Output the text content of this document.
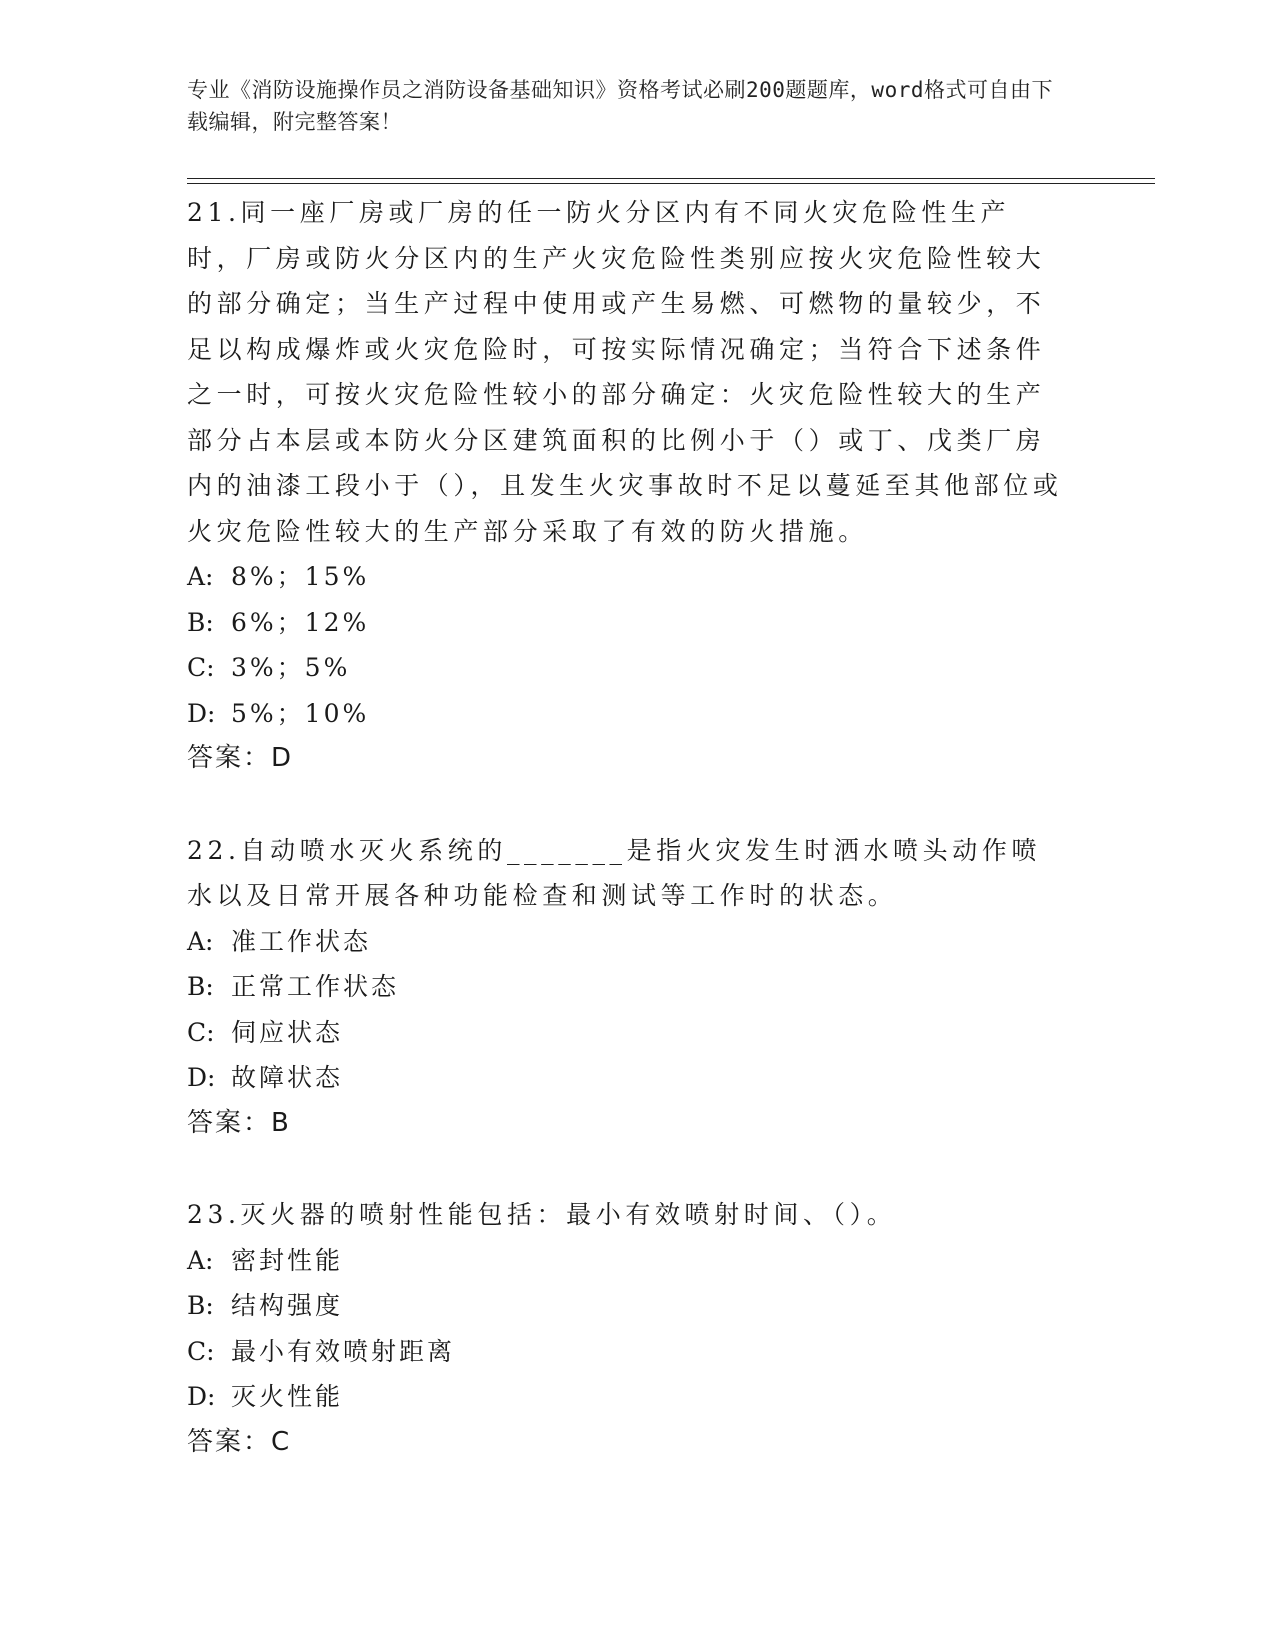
专业《消防设施操作员之消防设备基础知识》资格考试必刷200题题库，word格式可自由下载编辑，附完整答案！

21.同一座厂房或厂房的任一防火分区内有不同火灾危险性生产时，厂房或防火分区内的生产火灾危险性类别应按火灾危险性较大的部分确定；当生产过程中使用或产生易燃、可燃物的量较少，不足以构成爆炸或火灾危险时，可按实际情况确定；当符合下述条件之一时，可按火灾危险性较小的部分确定：火灾危险性较大的生产部分占本层或本防火分区建筑面积的比例小于（）或丁、戊类厂房内的油漆工段小于（），且发生火灾事故时不足以蔓延至其他部位或火灾危险性较大的生产部分采取了有效的防火措施。

A: 8%；15%

B: 6%；12%

C: 3%；5%

D: 5%；10%

答案：D

22.自动喷水灭火系统的_______是指火灾发生时洒水喷头动作喷水以及日常开展各种功能检查和测试等工作时的状态。

A: 准工作状态

B: 正常工作状态

C: 伺应状态

D: 故障状态

答案：B

23.灭火器的喷射性能包括：最小有效喷射时间、（）。

A: 密封性能

B: 结构强度

C: 最小有效喷射距离

D: 灭火性能

答案：C
